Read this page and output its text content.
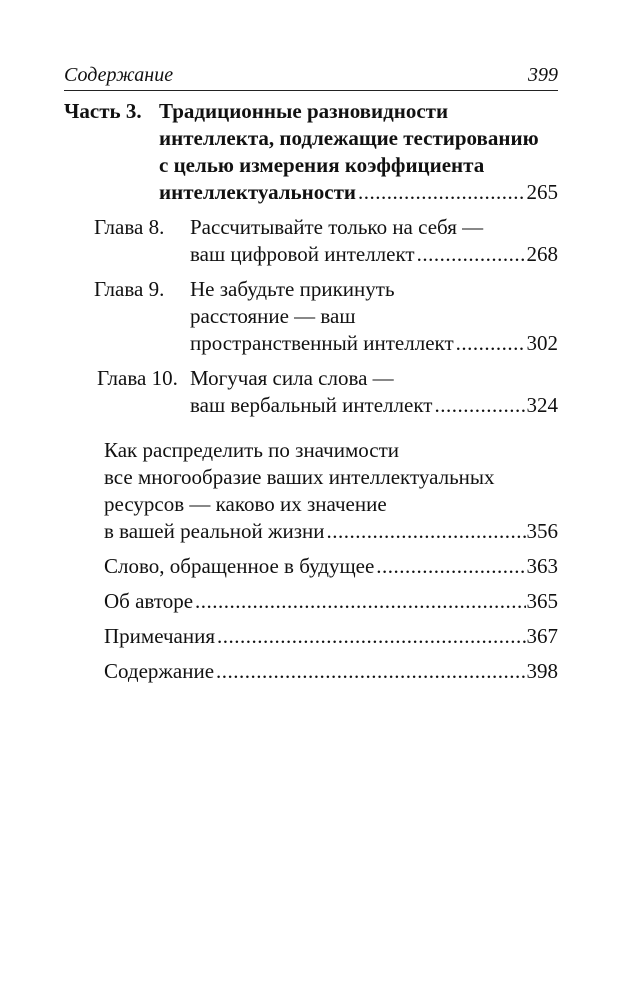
Содержание	399
Часть 3. Традиционные разновидности
интеллекта, подлежащие тестированию
с целью измерения коэффициента
интеллектуальности .....	265
Глава 8. Рассчитывайте только на себя —
ваш цифровой интеллект .....	268
Глава 9. Не забудьте прикинуть
расстояние — ваш
пространственный интеллект .....	302
Глава 10. Могучая сила слова —
ваш вербальный интеллект .....	324
Как распределить по значимости
все многообразие ваших интеллектуальных
ресурсов — каково их значение
в вашей реальной жизни .....	356
Слово, обращенное в будущее .....	363
Об авторе .....	365
Примечания .....	367
Содержание .....	398
